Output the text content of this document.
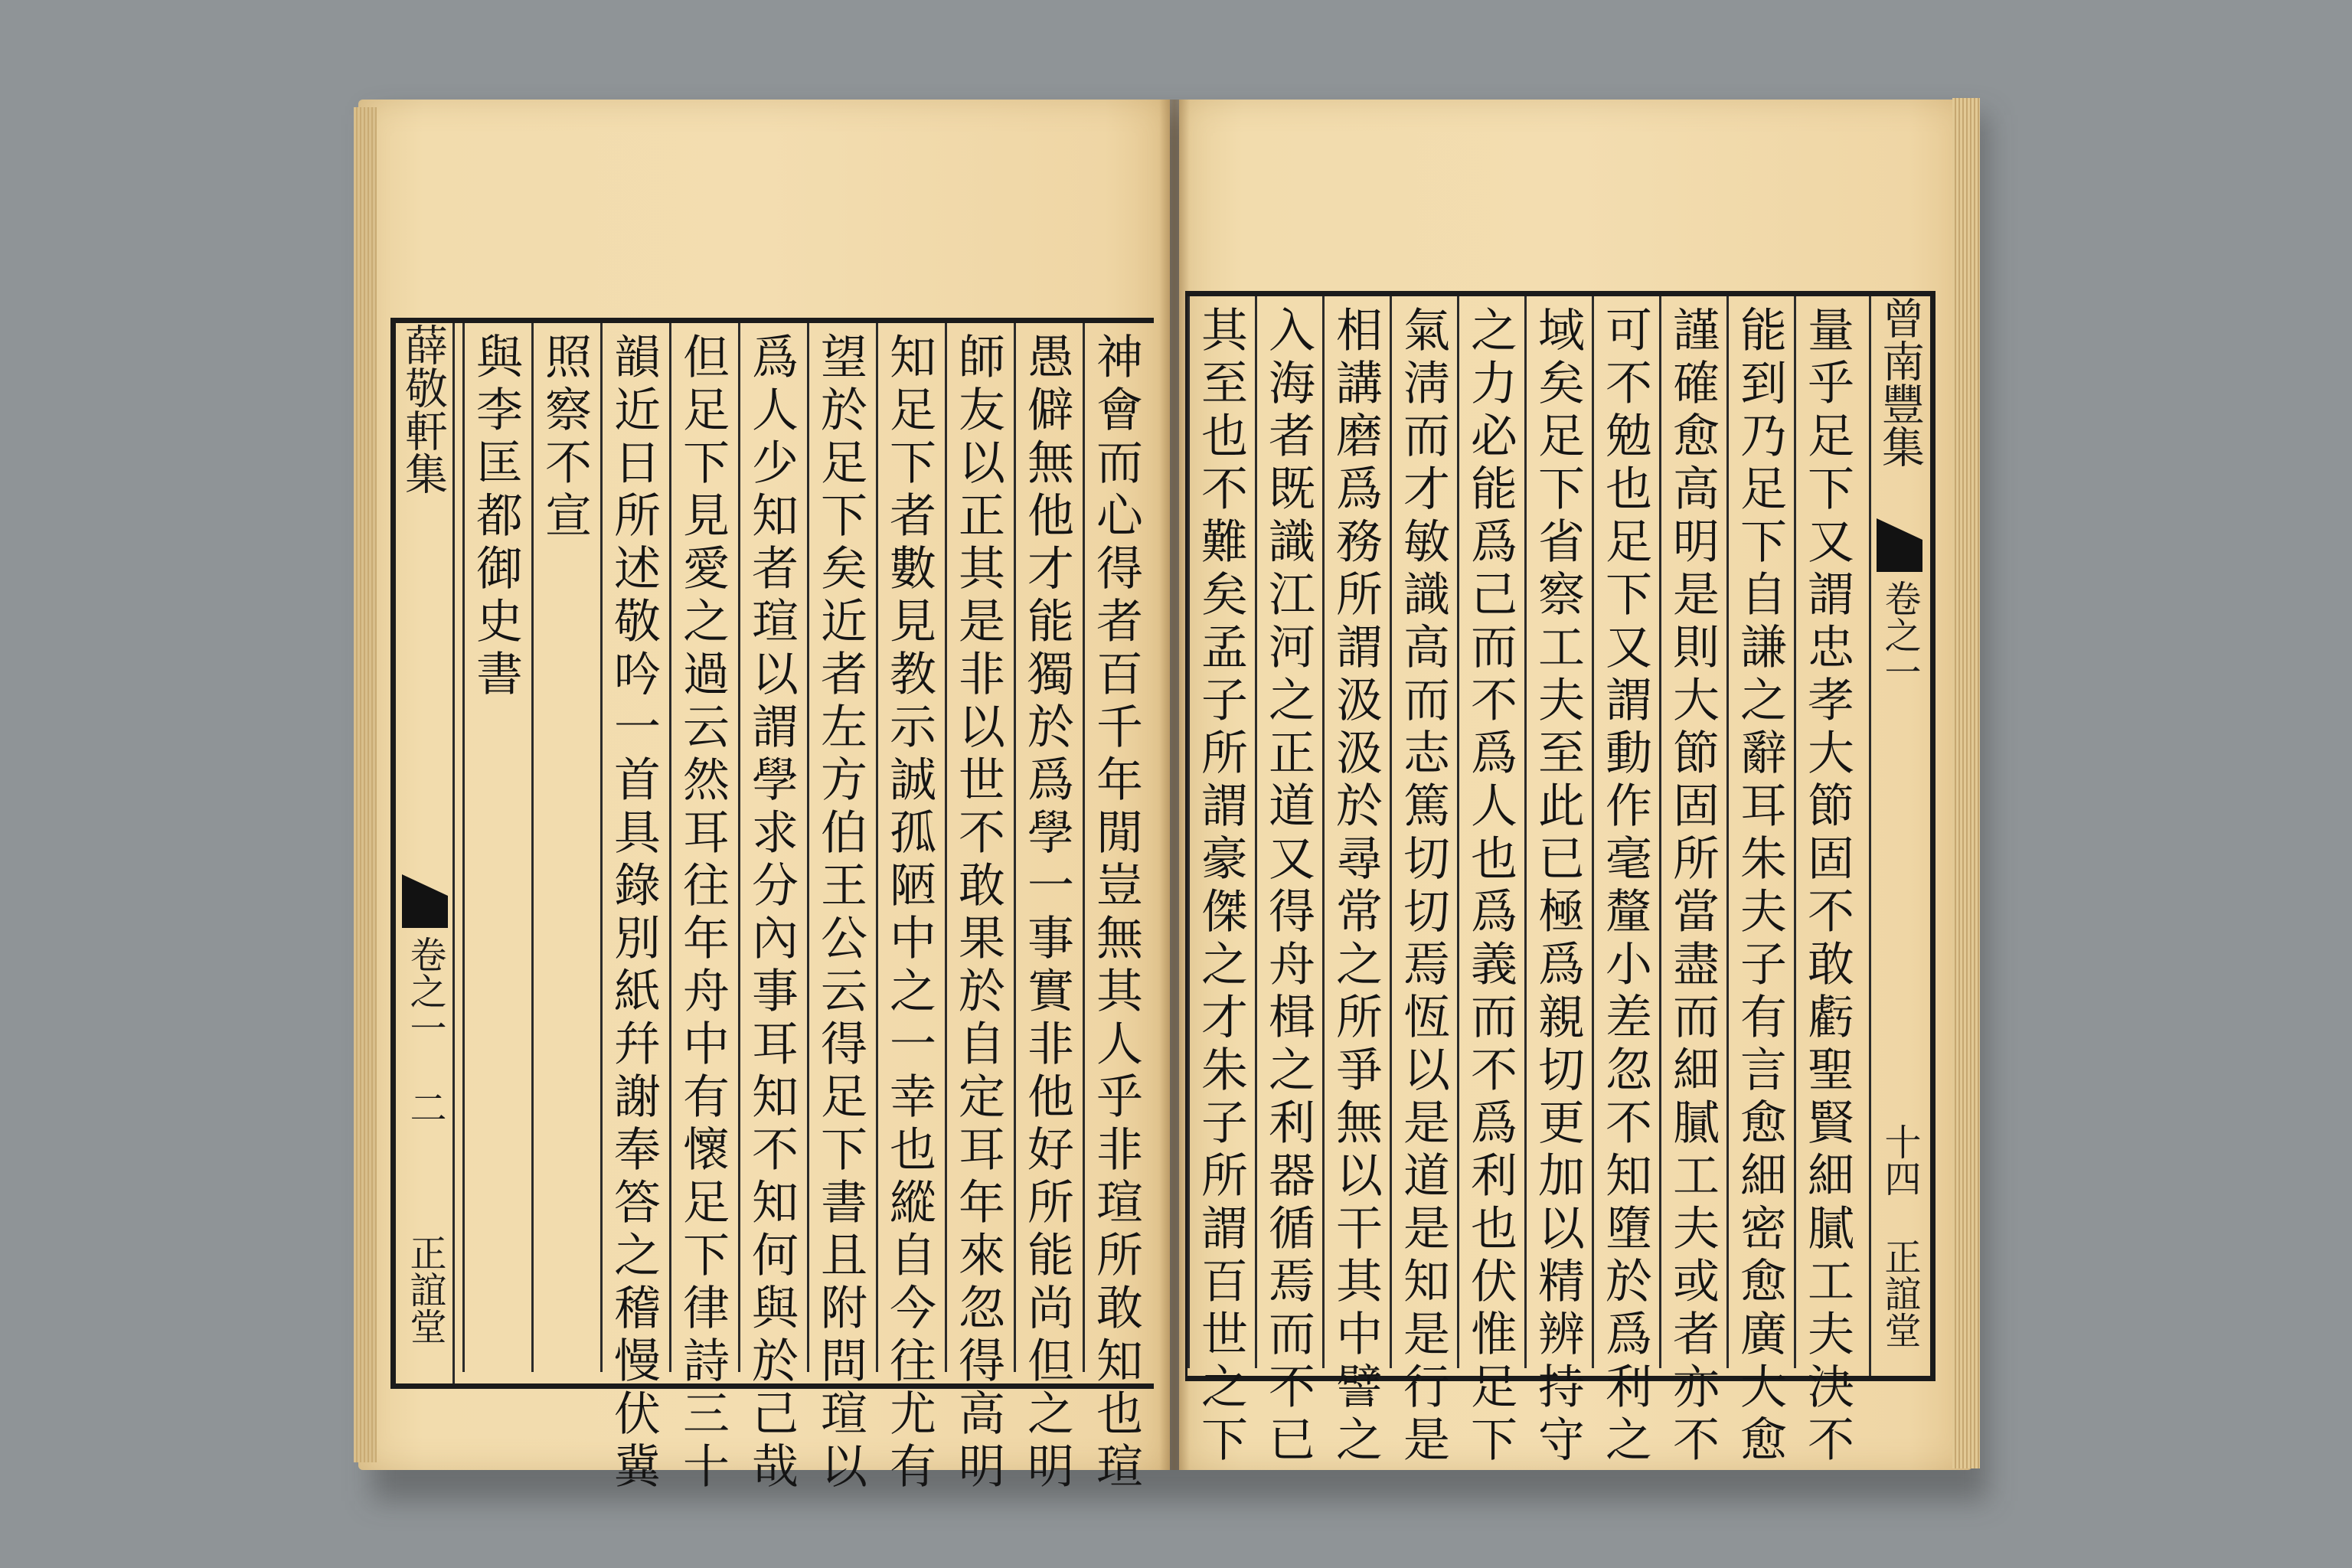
薛敬軒集
卷之一
二
正誼堂	神會而心得者百千年閒豈無其人乎非瑄所敢知也瑄
愚僻無他才能獨於爲學一事實非他好所能尚但之明
師友以正其是非以世不敢果於自定耳年來忽得高明
知足下者數見教示誠孤陋中之一幸也縱自今往尤有
望於足下矣近者左方伯王公云得足下書且附問瑄以
爲人少知者瑄以謂學求分內事耳知不知何與於己哉
但足下見愛之過云然耳往年舟中有懷足下律詩三十
韻近日所述敬吟一首具錄別紙幷謝奉答之稽慢伏冀
照察不宣
與李匡都御史書	量乎足下又謂忠孝大節固不敢虧聖賢細膩工夫決不
能到乃足下自謙之辭耳朱夫子有言愈細密愈廣大愈
謹確愈高明是則大節固所當盡而細膩工夫或者亦不
可不勉也足下又謂動作毫釐小差忽不知墮於爲利之
域矣足下省察工夫至此已極爲親切更加以精辨持守
之力必能爲己而不爲人也爲義而不爲利也伏惟足下
氣淸而才敏識高而志篤切切焉恆以是道是知是行是
相講磨爲務所謂汲汲於尋常之所爭無以干其中譬之
入海者既識江河之正道又得舟楫之利器循焉而不已
其至也不難矣孟子所謂豪傑之才朱子所謂百世之下	曾南豐集
卷之一
十四
正誼堂
